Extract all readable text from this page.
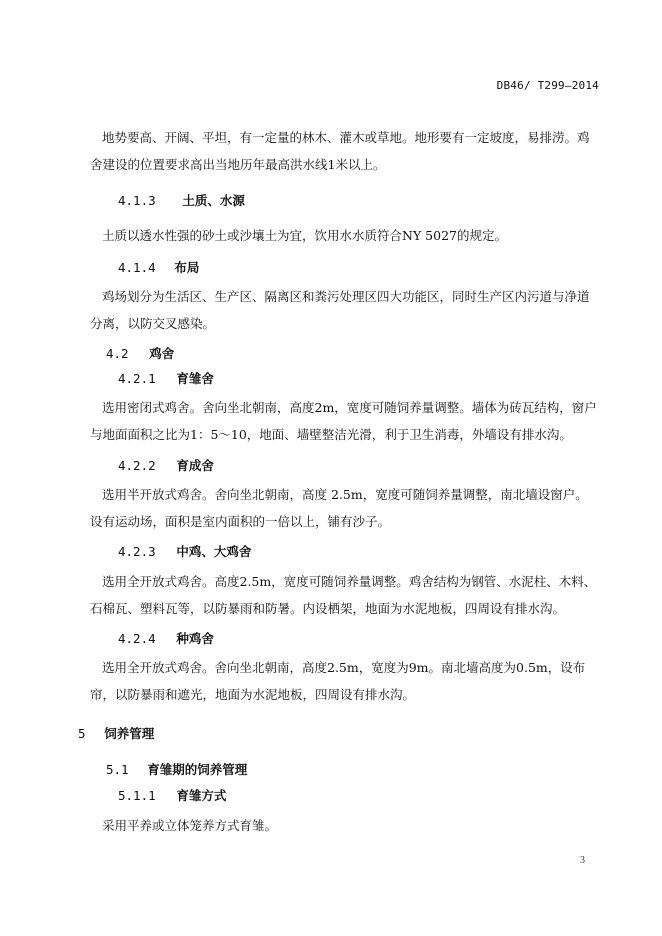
DB46/ T299—2014

地势要高、开阔、平坦，有一定量的林木、灌木或草地。地形要有一定坡度，易排涝。鸡舍建设的位置要求高出当地历年最高洪水线1米以上。

4.1.3 土质、水源

土质以透水性强的砂土或沙壤土为宜，饮用水水质符合NY 5027的规定。

4.1.4 布局

鸡场划分为生活区、生产区、隔离区和粪污处理区四大功能区，同时生产区内污道与净道分离，以防交叉感染。

4.2 鸡舍
4.2.1 育雏舍

选用密闭式鸡舍。舍向坐北朝南，高度2m，宽度可随饲养量调整。墙体为砖瓦结构，窗户与地面面积之比为1：5～10，地面、墙壁整洁光滑，利于卫生消毒，外墙设有排水沟。

4.2.2 育成舍

选用半开放式鸡舍。舍向坐北朝南，高度 2.5m，宽度可随饲养量调整，南北墙设窗户。设有运动场，面积是室内面积的一倍以上，铺有沙子。

4.2.3 中鸡、大鸡舍

选用全开放式鸡舍。高度2.5m，宽度可随饲养量调整。鸡舍结构为钢管、水泥柱、木料、石棉瓦、塑料瓦等，以防暴雨和防暑。内设栖架，地面为水泥地板，四周设有排水沟。

4.2.4 种鸡舍

选用全开放式鸡舍。舍向坐北朝南，高度2.5m，宽度为9m。南北墙高度为0.5m，设布帘，以防暴雨和遮光，地面为水泥地板，四周设有排水沟。

5 饲养管理
5.1 育雏期的饲养管理
5.1.1 育雏方式

采用平养或立体笼养方式育雏。

3
